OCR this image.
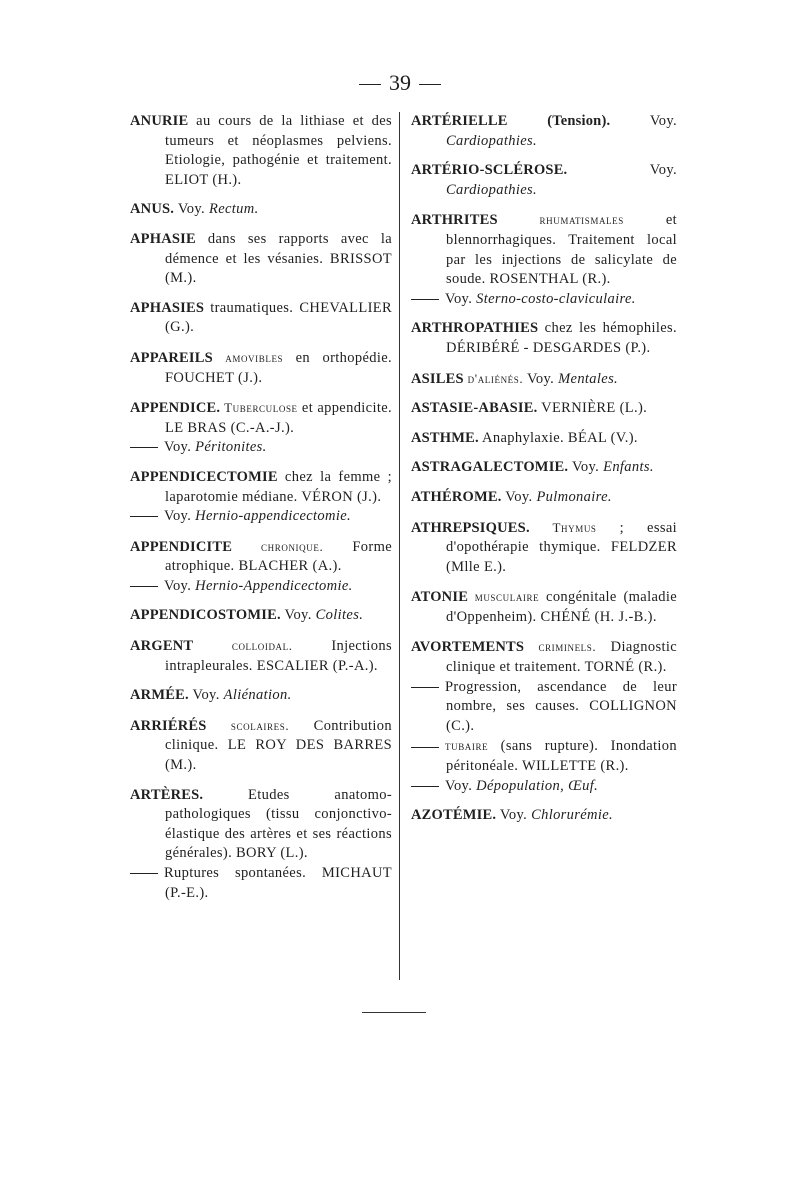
39
ANURIE au cours de la lithiase et des tumeurs et néoplasmes pelviens. Etiologie, pathogénie et traitement. ELIOT (H.).
ANUS. Voy. Rectum.
APHASIE dans ses rapports avec la démence et les vésanies. BRISSOT (M.).
APHASIES traumatiques. CHEVALLIER (G.).
APPAREILS amovibles en orthopédie. FOUCHET (J.).
APPENDICE. Tuberculose et appendicite. LE BRAS (C.-A.-J.).
Voy. Péritonites.
APPENDICECTOMIE chez la femme ; laparotomie médiane. VÉRON (J.).
Voy. Hernio-appendicectomie.
APPENDICITE chronique. Forme atrophique. BLACHER (A.).
Voy. Hernio-Appendicectomie.
APPENDICOSTOMIE. Voy. Colites.
ARGENT colloidal. Injections intrapleurales. ESCALIER (P.-A.).
ARMÉE. Voy. Aliénation.
ARRIÉRÉS scolaires. Contribution clinique. LE ROY DES BARRES (M.).
ARTÈRES. Etudes anatomo-pathologiques (tissu conjonctivo-élastique des artères et ses réactions générales). BORY (L.).
Ruptures spontanées. MICHAUT (P.-E.).
ARTÉRIELLE (Tension). Voy. Cardiopathies.
ARTÉRIO-SCLÉROSE. Voy. Cardiopathies.
ARTHRITES rhumatismales et blennorrhagiques. Traitement local par les injections de salicylate de soude. ROSENTHAL (R.).
Voy. Sterno-costo-claviculaire.
ARTHROPATHIES chez les hémophiles. DÉRIBÉRÉ - DESGARDES (P.).
ASILES d'aliénés. Voy. Mentales.
ASTASIE-ABASIE. VERNIÈRE (L.).
ASTHME. Anaphylaxie. BÉAL (V.).
ASTRAGALECTOMIE. Voy. Enfants.
ATHÉROME. Voy. Pulmonaire.
ATHREPSIQUES. Thymus ; essai d'opothérapie thymique. FELDZER (Mlle E.).
ATONIE musculaire congénitale (maladie d'Oppenheim). CHÉNÉ (H. J.-B.).
AVORTEMENTS criminels. Diagnostic clinique et traitement. TORNÉ (R.).
Progression, ascendance de leur nombre, ses causes. COLLIGNON (C.).
tubaire (sans rupture). Inondation péritonéale. WILLETTE (R.).
Voy. Dépopulation, Œuf.
AZOTÉMIE. Voy. Chlorurémie.
